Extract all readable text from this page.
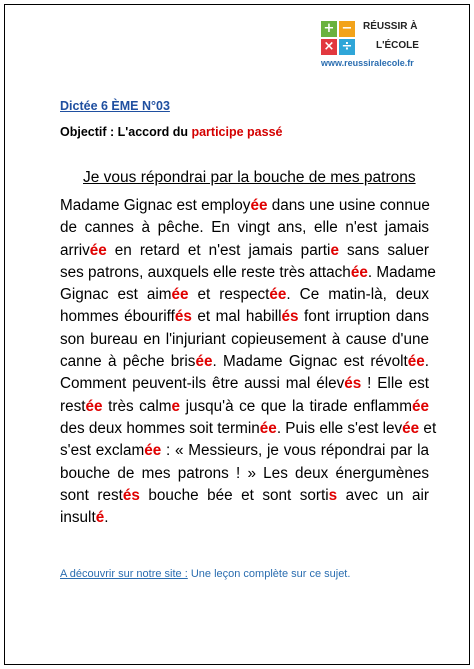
+ −
× ÷
RÉUSSIR À
L'ÉCOLE
www.reussiralecole.fr
Dictée 6 ÈME N°03
Objectif : L'accord du participe passé
Je vous répondrai par la bouche de mes patrons
Madame Gignac est employée dans une usine connue
de cannes à pêche. En vingt ans, elle n'est jamais
arrivée en retard et n'est jamais partie sans saluer
ses patrons, auxquels elle reste très attachée. Madame
Gignac est aimée et respectée. Ce matin-là, deux
hommes ébouriffés et mal habillés font irruption dans
son bureau en l'injuriant copieusement à cause d'une
canne à pêche brisée. Madame Gignac est révoltée.
Comment peuvent-ils être aussi mal élevés ! Elle est
restée très calme jusqu'à ce que la tirade enflammée
des deux hommes soit terminée. Puis elle s'est levée et
s'est exclamée : « Messieurs, je vous répondrai par la
bouche de mes patrons ! » Les deux énergumènes
sont restés bouche bée et sont sortis avec un air
insulté.
A découvrir sur notre site : Une leçon complète sur ce sujet.
